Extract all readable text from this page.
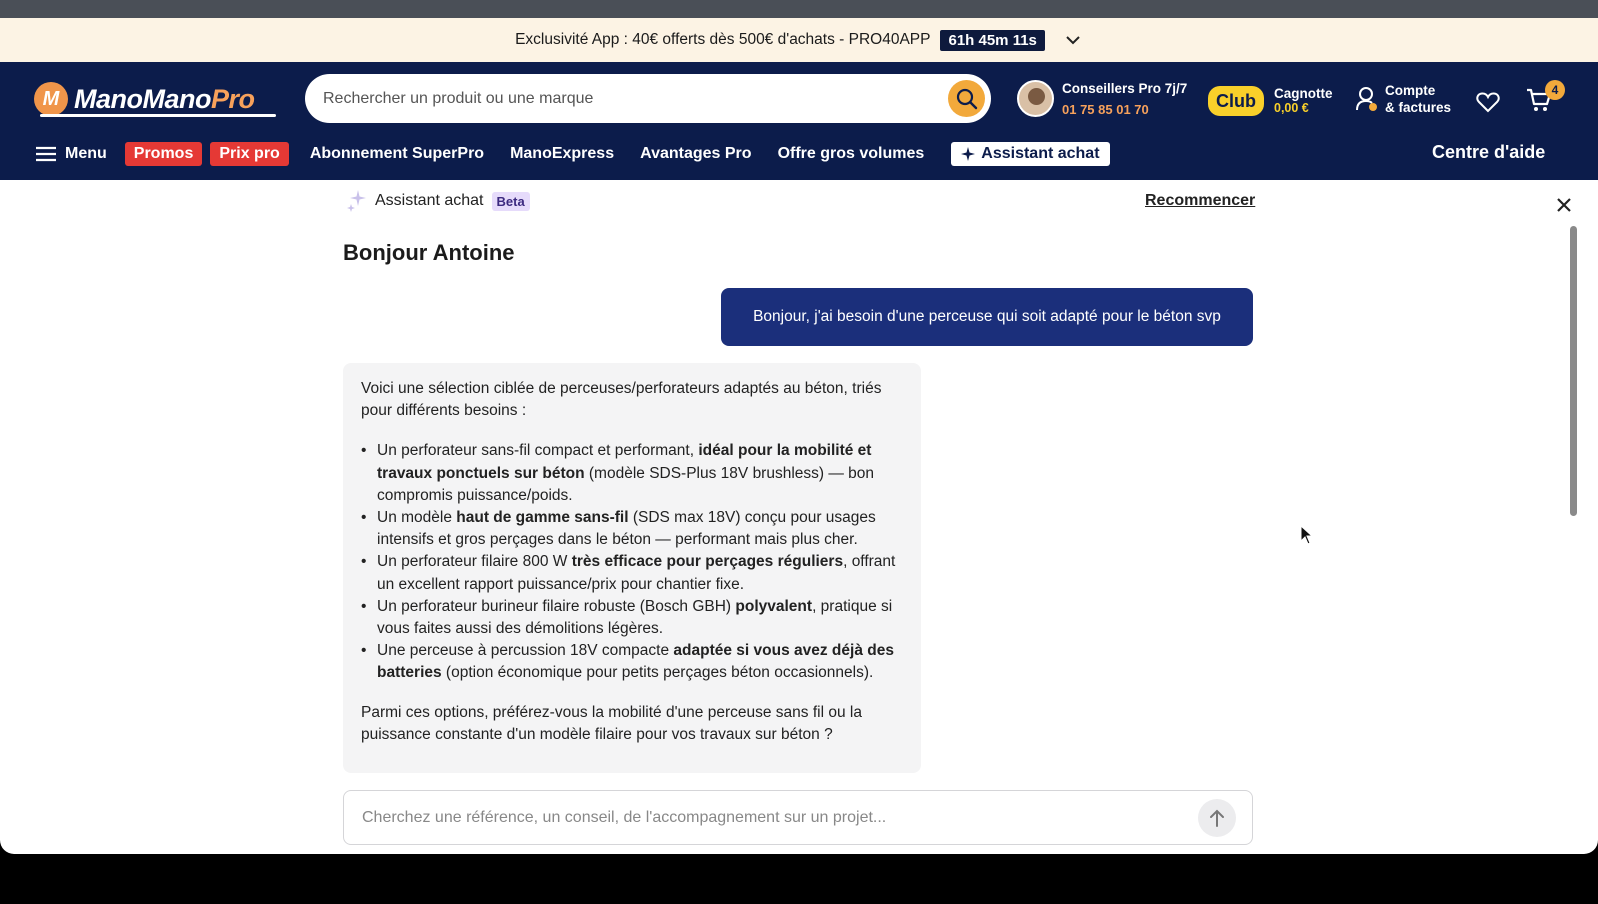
Exclusivité App : 40€ offerts dès 500€ d'achats - PRO40APP	61h 45m 11s
M ManoManoPro
Rechercher un produit ou une marque	Conseillers Pro 7j/7
01 75 85 01 70	Club	Cagnotte
0,00 €
Compte
& factures
4
Menu	Promos	Prix pro	Abonnement SuperPro ManoExpress Avantages Pro Offre gros volumes	Assistant achat	Centre d'aide
Assistant achat	Beta	Recommencer
Bonjour Antoine
Bonjour, j'ai besoin d'une perceuse qui soit adapté pour le béton svp

Voici une sélection ciblée de perceuses/perforateurs adaptés au béton, triés pour différents besoins :

• Un perforateur sans-fil compact et performant, idéal pour la mobilité et travaux ponctuels sur béton (modèle SDS-Plus 18V brushless) — bon compromis puissance/poids.
• Un modèle haut de gamme sans-fil (SDS max 18V) conçu pour usages intensifs et gros perçages dans le béton — performant mais plus cher.
• Un perforateur filaire 800 W très efficace pour perçages réguliers, offrant un excellent rapport puissance/prix pour chantier fixe.
• Un perforateur burineur filaire robuste (Bosch GBH) polyvalent, pratique si vous faites aussi des démolitions légères.
• Une perceuse à percussion 18V compacte adaptée si vous avez déjà des batteries (option économique pour petits perçages béton occasionnels).

Parmi ces options, préférez-vous la mobilité d'une perceuse sans fil ou la puissance constante d'un modèle filaire pour vos travaux sur béton ?

Cherchez une référence, un conseil, de l'accompagnement sur un projet...
